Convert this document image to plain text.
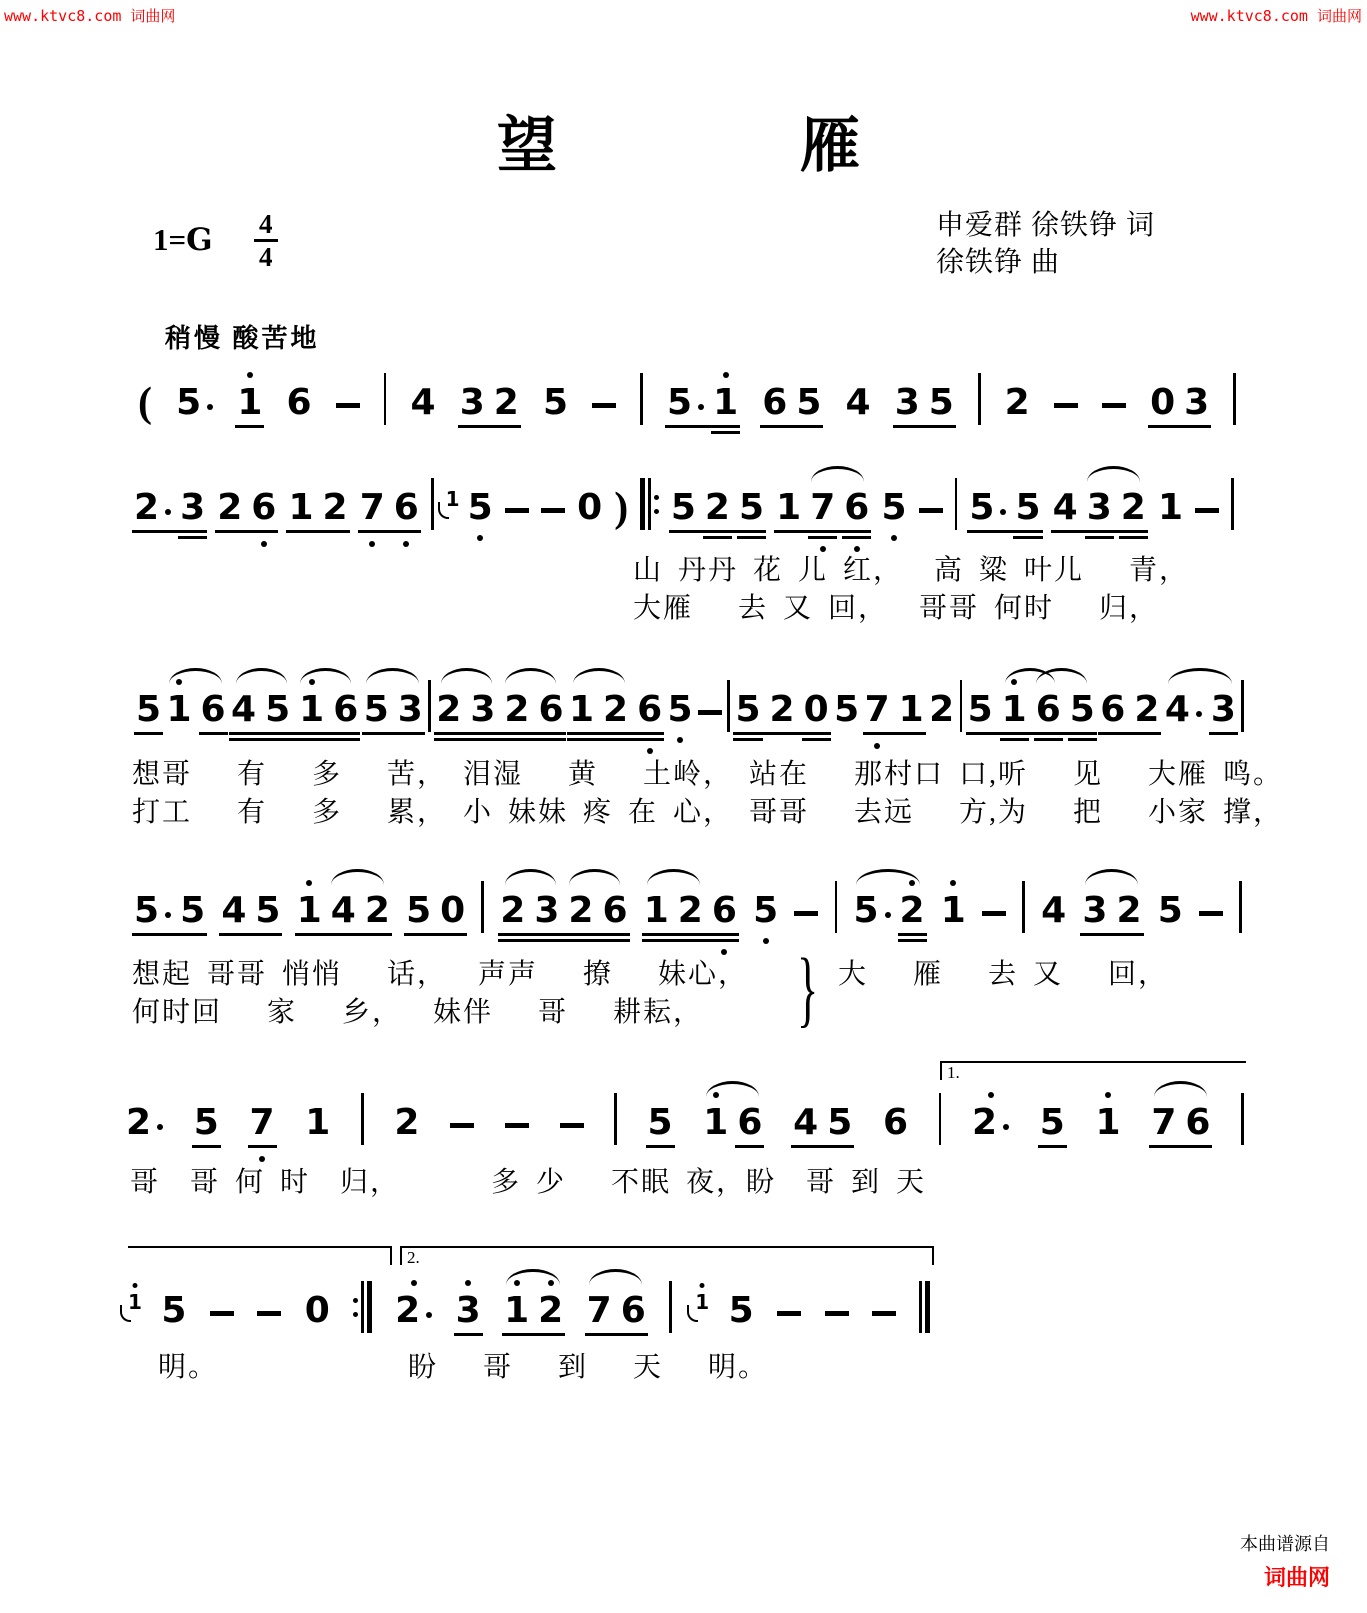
www.ktvc8.com 词曲网	www.ktvc8.com 词曲网
望	雁
申爱群 徐铁铮 词
徐铁铮 曲
$1=G \frac{4}{4}$
稍慢 酸苦地
( 5	1 6	4 3 2 5	5 1 6 5 4 3 5 2	0 3
2 3 2 6 1 2 7 6 1 5 0 ) 5 2 5 1 7 6 5 5 5 4 3 2 1
5 1 6 4 5 1 6 5 3 2 3 2 6 1 2 6 5 5 2 0 5 7 1 2 5 1 6 5 6 2 4 3
5 5 4 5 1 4 2 5 0 2 3 2 6 1 2 6 5 5 2 1 4 3 2 5
2	5 7 1 2	5 1 6 4 5 6 2	5 1 7 6
1 5	0 2 3 1 2 7 6 1 5
1.
2.
山 丹丹 花 儿 红，　 高 粱 叶儿　 青，
大雁　 去 又 回，　 哥哥 何时　 归，
想哥　 有　 多　 苦，　泪湿　 黄　 土岭，　站在　 那村口 口,听　 见　 大雁 鸣。
打工　 有　 多　 累，　小 妹妹 疼 在 心，　哥哥　 去远　 方,为　 把　 小家 撑，
想起 哥哥 悄悄　 话，　 声声　 撩　 妹心，
何时回　 家　 乡，　 妹伴　 哥　 耕耘，	} 大　 雁　 去 又　 回，
哥　哥 何 时　归，　　　 多 少　 不眠 夜，盼　哥 到 天
明。	盼　 哥　 到　 天　 明。
本曲谱源自
词曲网
